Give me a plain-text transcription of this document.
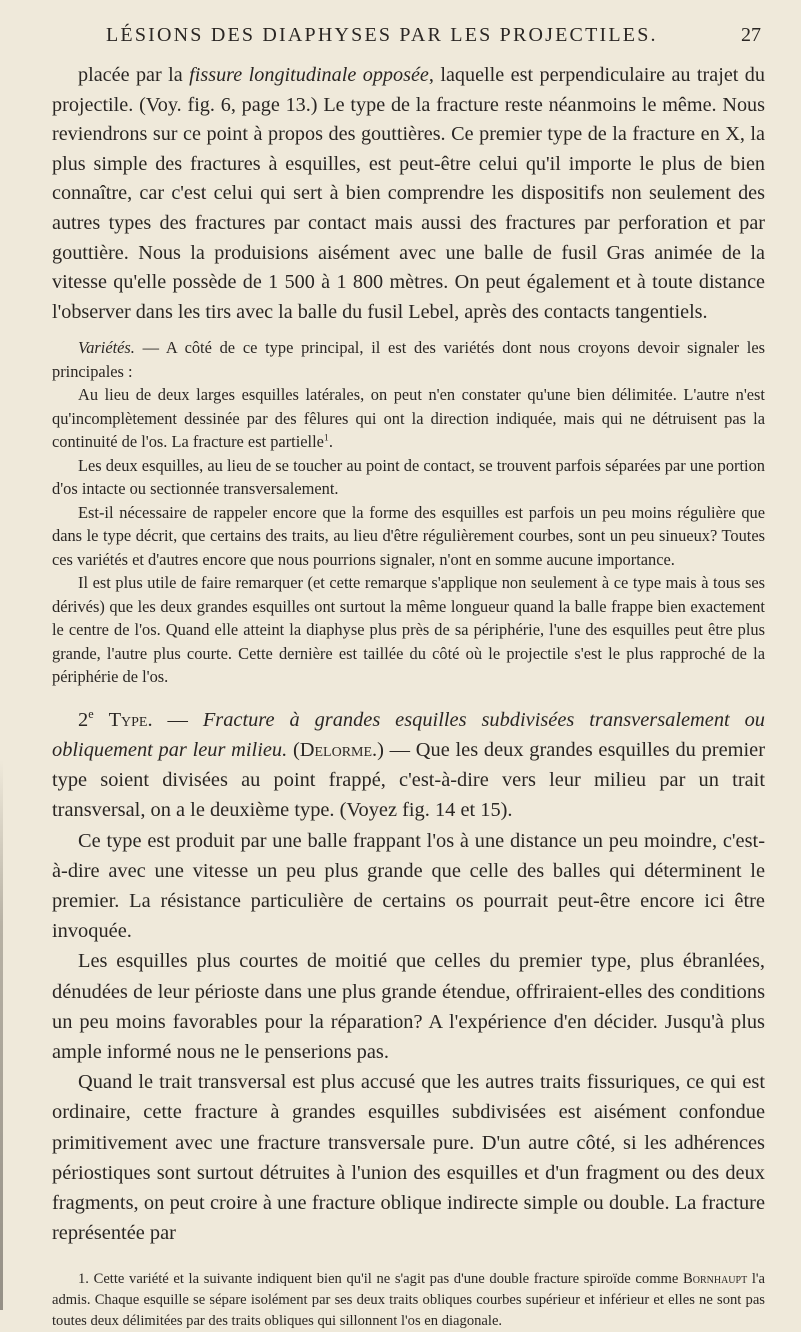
LÉSIONS DES DIAPHYSES PAR LES PROJECTILES.	27

placée par la fissure longitudinale opposée, laquelle est perpendiculaire au trajet du projectile. (Voy. fig. 6, page 13.) Le type de la fracture reste néanmoins le même. Nous reviendrons sur ce point à propos des gouttières. Ce premier type de la fracture en X, la plus simple des fractures à esquilles, est peut-être celui qu'il importe le plus de bien connaître, car c'est celui qui sert à bien comprendre les dispositifs non seulement des autres types des fractures par contact mais aussi des fractures par perforation et par gouttière. Nous la produisions aisément avec une balle de fusil Gras animée de la vitesse qu'elle possède de 1 500 à 1 800 mètres. On peut également et à toute distance l'observer dans les tirs avec la balle du fusil Lebel, après des contacts tangentiels.

Variétés. — A côté de ce type principal, il est des variétés dont nous croyons devoir signaler les principales :

Au lieu de deux larges esquilles latérales, on peut n'en constater qu'une bien délimitée. L'autre n'est qu'incomplètement dessinée par des fêlures qui ont la direction indiquée, mais qui ne détruisent pas la continuité de l'os. La fracture est partielle$^1$.

Les deux esquilles, au lieu de se toucher au point de contact, se trouvent parfois séparées par une portion d'os intacte ou sectionnée transversalement.

Est-il nécessaire de rappeler encore que la forme des esquilles est parfois un peu moins régulière que dans le type décrit, que certains des traits, au lieu d'être régulièrement courbes, sont un peu sinueux? Toutes ces variétés et d'autres encore que nous pourrions signaler, n'ont en somme aucune importance.

Il est plus utile de faire remarquer (et cette remarque s'applique non seulement à ce type mais à tous ses dérivés) que les deux grandes esquilles ont surtout la même longueur quand la balle frappe bien exactement le centre de l'os. Quand elle atteint la diaphyse plus près de sa périphérie, l'une des esquilles peut être plus grande, l'autre plus courte. Cette dernière est taillée du côté où le projectile s'est le plus rapproché de la périphérie de l'os.

2e Type. — Fracture à grandes esquilles subdivisées transversalement ou obliquement par leur milieu. (Delorme.) — Que les deux grandes esquilles du premier type soient divisées au point frappé, c'est-à-dire vers leur milieu par un trait transversal, on a le deuxième type. (Voyez fig. 14 et 15).

Ce type est produit par une balle frappant l'os à une distance un peu moindre, c'est-à-dire avec une vitesse un peu plus grande que celle des balles qui déterminent le premier. La résistance particulière de certains os pourrait peut-être encore ici être invoquée.

Les esquilles plus courtes de moitié que celles du premier type, plus ébranlées, dénudées de leur périoste dans une plus grande étendue, offriraient-elles des conditions un peu moins favorables pour la réparation? A l'expérience d'en décider. Jusqu'à plus ample informé nous ne le penserions pas.

Quand le trait transversal est plus accusé que les autres traits fissuriques, ce qui est ordinaire, cette fracture à grandes esquilles subdivisées est aisément confondue primitivement avec une fracture transversale pure. D'un autre côté, si les adhérences périostiques sont surtout détruites à l'union des esquilles et d'un fragment ou des deux fragments, on peut croire à une fracture oblique indirecte simple ou double. La fracture représentée par

1. Cette variété et la suivante indiquent bien qu'il ne s'agit pas d'une double fracture spiroïde comme Bornhaupt l'a admis. Chaque esquille se sépare isolément par ses deux traits obliques courbes supérieur et inférieur et elles ne sont pas toutes deux délimitées par des traits obliques qui sillonnent l'os en diagonale.
